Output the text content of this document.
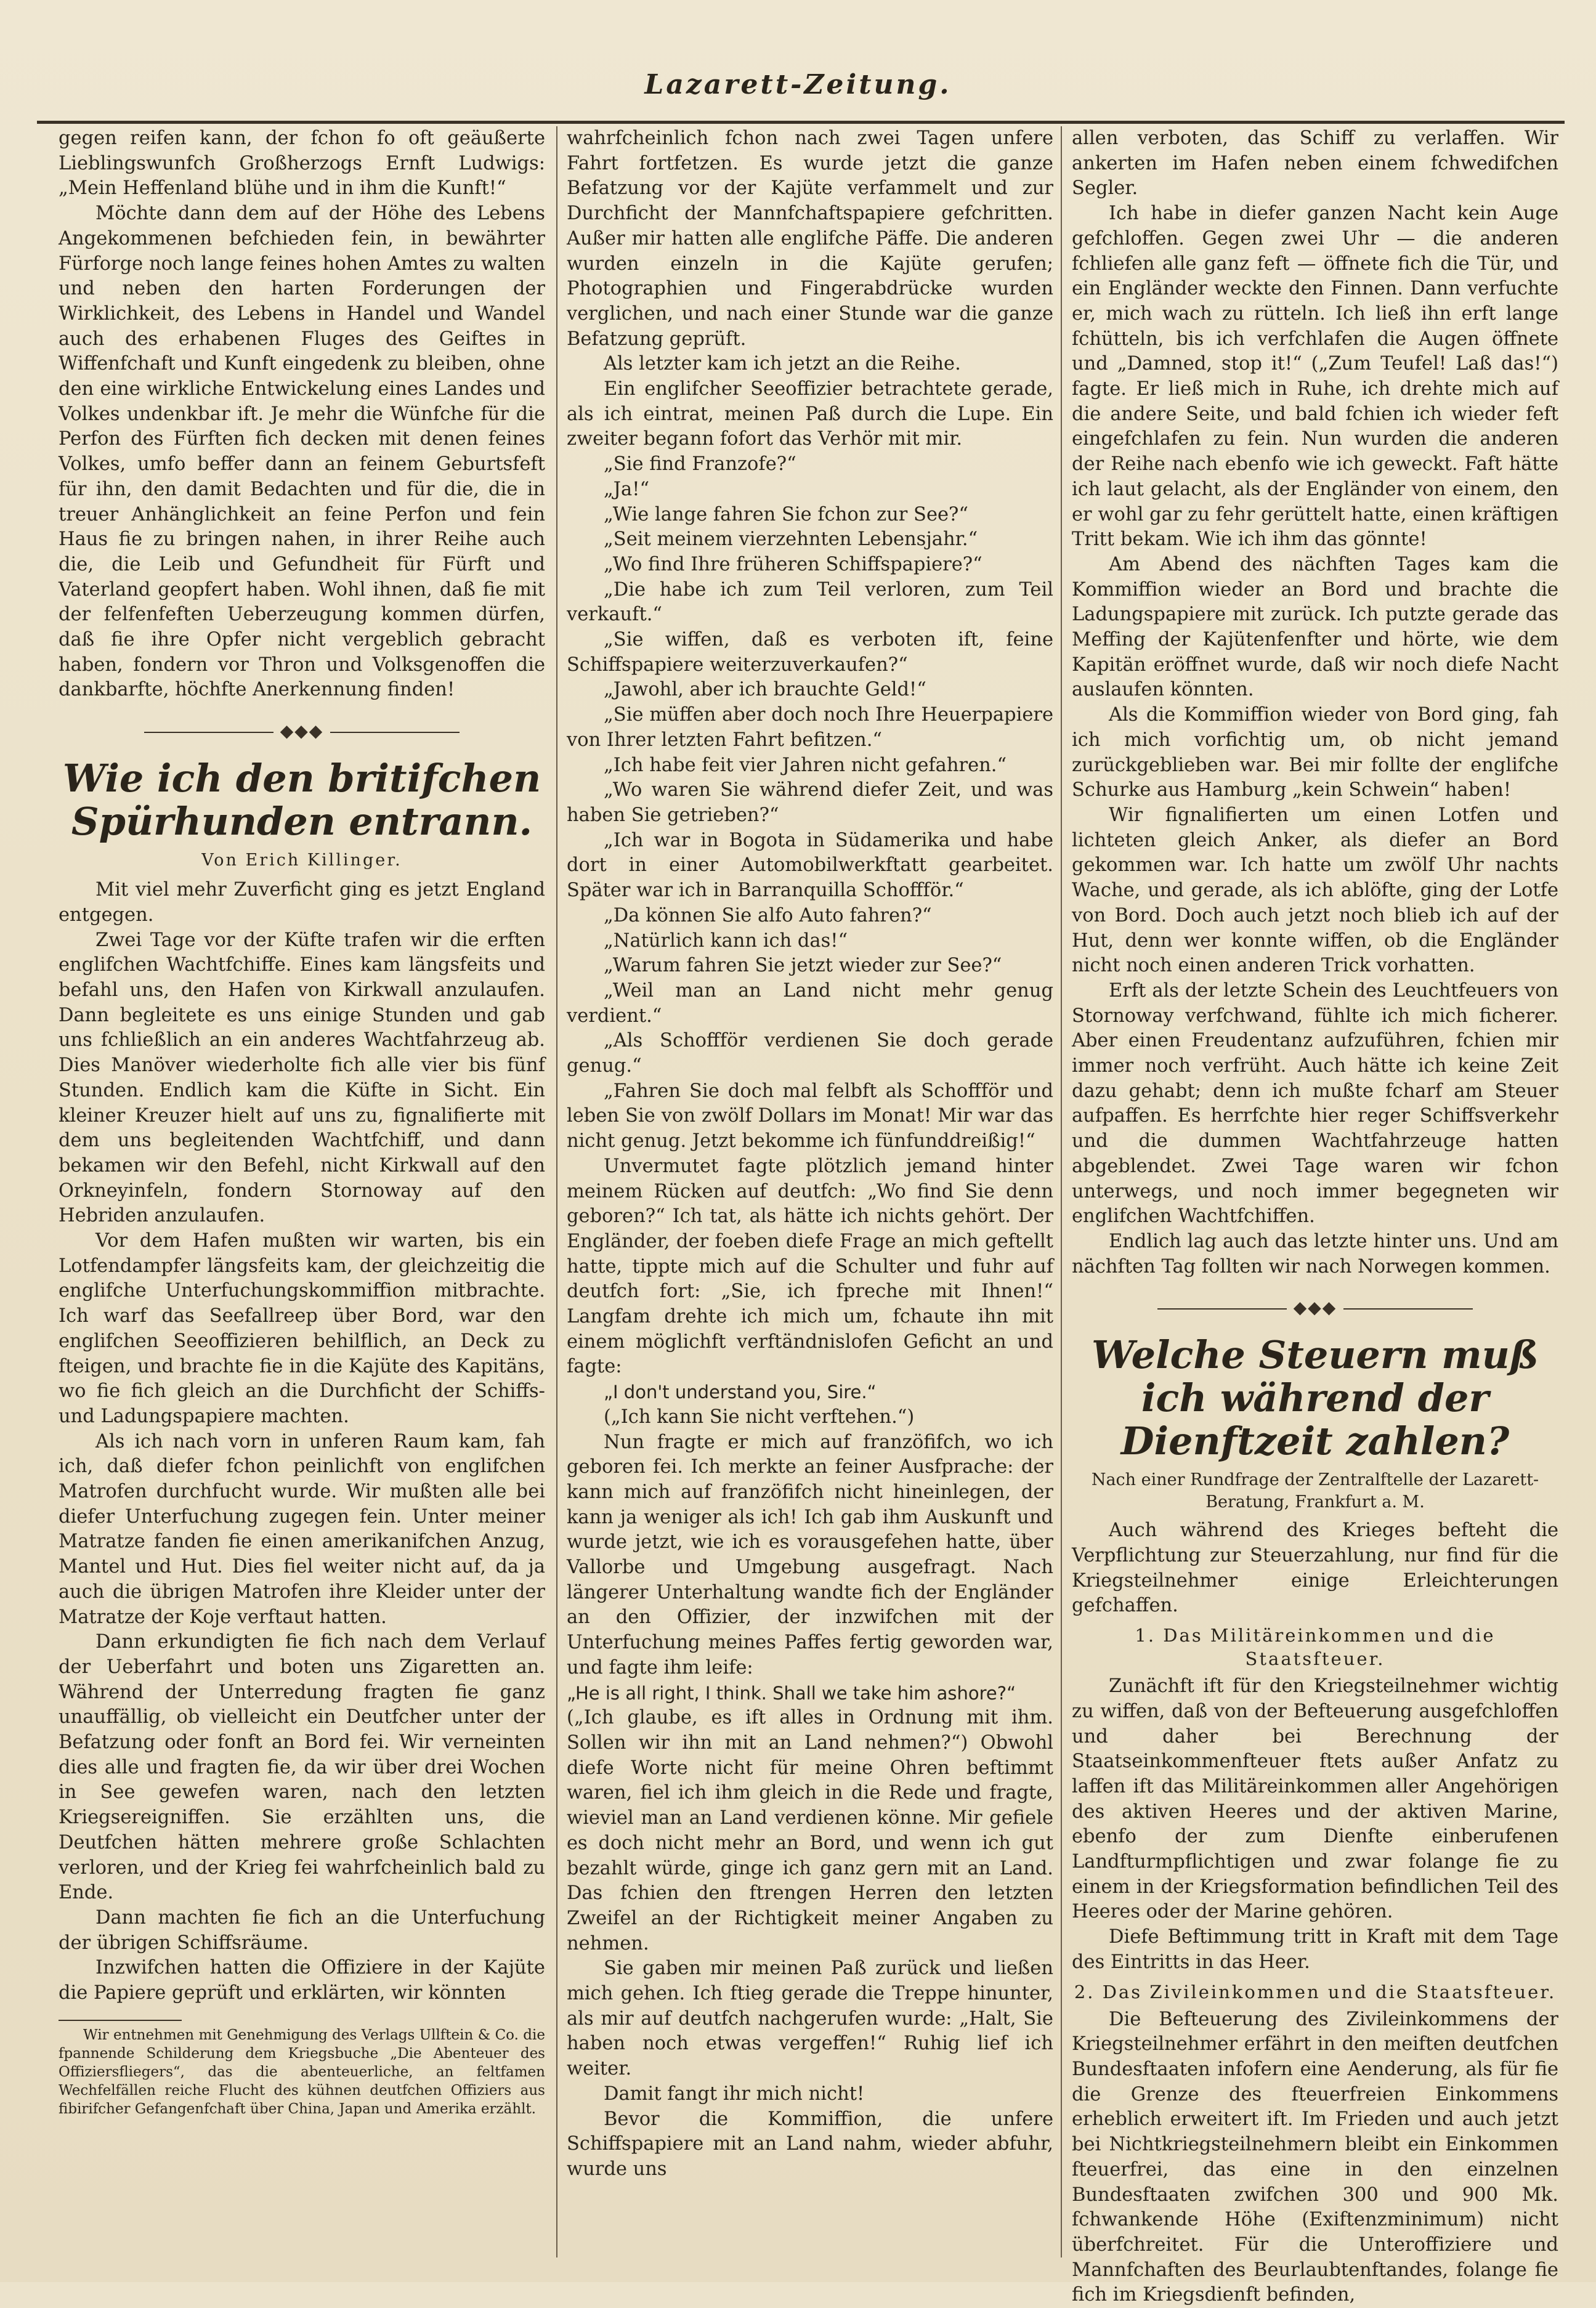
Lazarett-Zeitung.

gegen reifen kann, der fchon fo oft geäußerte Lieblingswunfch Großherzogs Ernft Ludwigs: „Mein Heffenland blühe und in ihm die Kunft!“

Möchte dann dem auf der Höhe des Lebens Angekommenen befchieden fein, in bewährter Fürforge noch lange feines hohen Amtes zu walten und neben den harten Forderungen der Wirklichkeit, des Lebens in Handel und Wandel auch des erhabenen Fluges des Geiftes in Wiffenfchaft und Kunft eingedenk zu bleiben, ohne den eine wirkliche Entwickelung eines Landes und Volkes undenkbar ift. Je mehr die Wünfche für die Perfon des Fürften fich decken mit denen feines Volkes, umfo beffer dann an feinem Geburtsfeft für ihn, den damit Bedachten und für die, die in treuer Anhänglichkeit an feine Perfon und fein Haus fie zu bringen nahen, in ihrer Reihe auch die, die Leib und Gefundheit für Fürft und Vaterland geopfert haben. Wohl ihnen, daß fie mit der felfenfeften Ueberzeugung kommen dürfen, daß fie ihre Opfer nicht vergeblich gebracht haben, fondern vor Thron und Volksgenoffen die dankbarfte, höchfte Anerkennung finden!

◆◆◆
Wie ich den britifchen Spürhunden entrann.
Von Erich Killinger.

Mit viel mehr Zuverficht ging es jetzt England entgegen.

Zwei Tage vor der Küfte trafen wir die erften englifchen Wachtfchiffe. Eines kam längsfeits und befahl uns, den Hafen von Kirkwall anzulaufen. Dann begleitete es uns einige Stunden und gab uns fchließlich an ein anderes Wachtfahrzeug ab. Dies Manöver wiederholte fich alle vier bis fünf Stunden. Endlich kam die Küfte in Sicht. Ein kleiner Kreuzer hielt auf uns zu, fignalifierte mit dem uns begleitenden Wachtfchiff, und dann bekamen wir den Befehl, nicht Kirkwall auf den Orkneyinfeln, fondern Stornoway auf den Hebriden anzulaufen.

Vor dem Hafen mußten wir warten, bis ein Lotfendampfer längsfeits kam, der gleichzeitig die englifche Unterfuchungskommiffion mitbrachte. Ich warf das Seefallreep über Bord, war den englifchen Seeoffizieren behilflich, an Deck zu fteigen, und brachte fie in die Kajüte des Kapitäns, wo fie fich gleich an die Durchficht der Schiffs- und Ladungspapiere machten.

Als ich nach vorn in unferen Raum kam, fah ich, daß diefer fchon peinlichft von englifchen Matrofen durchfucht wurde. Wir mußten alle bei diefer Unterfuchung zugegen fein. Unter meiner Matratze fanden fie einen amerikanifchen Anzug, Mantel und Hut. Dies fiel weiter nicht auf, da ja auch die übrigen Matrofen ihre Kleider unter der Matratze der Koje verftaut hatten.

Dann erkundigten fie fich nach dem Verlauf der Ueberfahrt und boten uns Zigaretten an. Während der Unterredung fragten fie ganz unauffällig, ob vielleicht ein Deutfcher unter der Befatzung oder fonft an Bord fei. Wir verneinten dies alle und fragten fie, da wir über drei Wochen in See gewefen waren, nach den letzten Kriegsereigniffen. Sie erzählten uns, die Deutfchen hätten mehrere große Schlachten verloren, und der Krieg fei wahrfcheinlich bald zu Ende.

Dann machten fie fich an die Unterfuchung der übrigen Schiffsräume.

Inzwifchen hatten die Offiziere in der Kajüte die Papiere geprüft und erklärten, wir könnten

Wir entnehmen mit Genehmigung des Verlags Ullftein & Co. die fpannende Schilderung dem Kriegsbuche „Die Abenteuer des Offiziersfliegers“, das die abenteuerliche, an feltfamen Wechfelfällen reiche Flucht des kühnen deutfchen Offiziers aus fibirifcher Gefangenfchaft über China, Japan und Amerika erzählt.

wahrfcheinlich fchon nach zwei Tagen unfere Fahrt fortfetzen. Es wurde jetzt die ganze Befatzung vor der Kajüte verfammelt und zur Durchficht der Mannfchaftspapiere gefchritten. Außer mir hatten alle englifche Päffe. Die anderen wurden einzeln in die Kajüte gerufen; Photographien und Fingerabdrücke wurden verglichen, und nach einer Stunde war die ganze Befatzung geprüft.

Als letzter kam ich jetzt an die Reihe.

Ein englifcher Seeoffizier betrachtete gerade, als ich eintrat, meinen Paß durch die Lupe. Ein zweiter begann fofort das Verhör mit mir.

„Sie find Franzofe?“

„Ja!“

„Wie lange fahren Sie fchon zur See?“

„Seit meinem vierzehnten Lebensjahr.“

„Wo find Ihre früheren Schiffspapiere?“

„Die habe ich zum Teil verloren, zum Teil verkauft.“

„Sie wiffen, daß es verboten ift, feine Schiffspapiere weiterzuverkaufen?“

„Jawohl, aber ich brauchte Geld!“

„Sie müffen aber doch noch Ihre Heuerpapiere von Ihrer letzten Fahrt befitzen.“

„Ich habe feit vier Jahren nicht gefahren.“

„Wo waren Sie während diefer Zeit, und was haben Sie getrieben?“

„Ich war in Bogota in Südamerika und habe dort in einer Automobilwerkftatt gearbeitet. Später war ich in Barranquilla Schoffför.“

„Da können Sie alfo Auto fahren?“

„Natürlich kann ich das!“

„Warum fahren Sie jetzt wieder zur See?“

„Weil man an Land nicht mehr genug verdient.“

„Als Schoffför verdienen Sie doch gerade genug.“

„Fahren Sie doch mal felbft als Schoffför und leben Sie von zwölf Dollars im Monat! Mir war das nicht genug. Jetzt bekomme ich fünfunddreißig!“

Unvermutet fagte plötzlich jemand hinter meinem Rücken auf deutfch: „Wo find Sie denn geboren?“ Ich tat, als hätte ich nichts gehört. Der Engländer, der foeben diefe Frage an mich geftellt hatte, tippte mich auf die Schulter und fuhr auf deutfch fort: „Sie, ich fpreche mit Ihnen!“ Langfam drehte ich mich um, fchaute ihn mit einem möglichft verftändnislofen Geficht an und fagte:

„I don't understand you, Sire.“

(„Ich kann Sie nicht verftehen.“)

Nun fragte er mich auf franzöfifch, wo ich geboren fei. Ich merkte an feiner Ausfprache: der kann mich auf franzöfifch nicht hineinlegen, der kann ja weniger als ich! Ich gab ihm Auskunft und wurde jetzt, wie ich es vorausgefehen hatte, über Vallorbe und Umgebung ausgefragt. Nach längerer Unterhaltung wandte fich der Engländer an den Offizier, der inzwifchen mit der Unterfuchung meines Paffes fertig geworden war, und fagte ihm leife:

„He is all right, I think. Shall we take him ashore?“

(„Ich glaube, es ift alles in Ordnung mit ihm. Sollen wir ihn mit an Land nehmen?“) Obwohl diefe Worte nicht für meine Ohren beftimmt waren, fiel ich ihm gleich in die Rede und fragte, wieviel man an Land verdienen könne. Mir gefiele es doch nicht mehr an Bord, und wenn ich gut bezahlt würde, ginge ich ganz gern mit an Land. Das fchien den ftrengen Herren den letzten Zweifel an der Richtigkeit meiner Angaben zu nehmen.

Sie gaben mir meinen Paß zurück und ließen mich gehen. Ich ftieg gerade die Treppe hinunter, als mir auf deutfch nachgerufen wurde: „Halt, Sie haben noch etwas vergeffen!“ Ruhig lief ich weiter.

Damit fangt ihr mich nicht!

Bevor die Kommiffion, die unfere Schiffspapiere mit an Land nahm, wieder abfuhr, wurde uns

allen verboten, das Schiff zu verlaffen. Wir ankerten im Hafen neben einem fchwedifchen Segler.

Ich habe in diefer ganzen Nacht kein Auge gefchloffen. Gegen zwei Uhr — die anderen fchliefen alle ganz feft — öffnete fich die Tür, und ein Engländer weckte den Finnen. Dann verfuchte er, mich wach zu rütteln. Ich ließ ihn erft lange fchütteln, bis ich verfchlafen die Augen öffnete und „Damned, stop it!“ („Zum Teufel! Laß das!“) fagte. Er ließ mich in Ruhe, ich drehte mich auf die andere Seite, und bald fchien ich wieder feft eingefchlafen zu fein. Nun wurden die anderen der Reihe nach ebenfo wie ich geweckt. Faft hätte ich laut gelacht, als der Engländer von einem, den er wohl gar zu fehr gerüttelt hatte, einen kräftigen Tritt bekam. Wie ich ihm das gönnte!

Am Abend des nächften Tages kam die Kommiffion wieder an Bord und brachte die Ladungspapiere mit zurück. Ich putzte gerade das Meffing der Kajütenfenfter und hörte, wie dem Kapitän eröffnet wurde, daß wir noch diefe Nacht auslaufen könnten.

Als die Kommiffion wieder von Bord ging, fah ich mich vorfichtig um, ob nicht jemand zurückgeblieben war. Bei mir follte der englifche Schurke aus Hamburg „kein Schwein“ haben!

Wir fignalifierten um einen Lotfen und lichteten gleich Anker, als diefer an Bord gekommen war. Ich hatte um zwölf Uhr nachts Wache, und gerade, als ich ablöfte, ging der Lotfe von Bord. Doch auch jetzt noch blieb ich auf der Hut, denn wer konnte wiffen, ob die Engländer nicht noch einen anderen Trick vorhatten.

Erft als der letzte Schein des Leuchtfeuers von Stornoway verfchwand, fühlte ich mich ficherer. Aber einen Freudentanz aufzuführen, fchien mir immer noch verfrüht. Auch hätte ich keine Zeit dazu gehabt; denn ich mußte fcharf am Steuer aufpaffen. Es herrfchte hier reger Schiffsverkehr und die dummen Wachtfahrzeuge hatten abgeblendet. Zwei Tage waren wir fchon unterwegs, und noch immer begegneten wir englifchen Wachtfchiffen.

Endlich lag auch das letzte hinter uns. Und am nächften Tag follten wir nach Norwegen kommen.

◆◆◆
Welche Steuern muß ich während der Dienftzeit zahlen?
Nach einer Rundfrage der Zentralftelle der Lazarett-Beratung, Frankfurt a. M.

Auch während des Krieges befteht die Verpflichtung zur Steuerzahlung, nur find für die Kriegsteilnehmer einige Erleichterungen gefchaffen.

1. Das Militäreinkommen und die Staatsfteuer.

Zunächft ift für den Kriegsteilnehmer wichtig zu wiffen, daß von der Befteuerung ausgefchloffen und daher bei Berechnung der Staatseinkommenfteuer ftets außer Anfatz zu laffen ift das Militäreinkommen aller Angehörigen des aktiven Heeres und der aktiven Marine, ebenfo der zum Dienfte einberufenen Landfturmpflichtigen und zwar folange fie zu einem in der Kriegsformation befindlichen Teil des Heeres oder der Marine gehören.

Diefe Beftimmung tritt in Kraft mit dem Tage des Eintritts in das Heer.

2. Das Zivileinkommen und die Staatsfteuer.

Die Befteuerung des Zivileinkommens der Kriegsteilnehmer erfährt in den meiften deutfchen Bundesftaaten infofern eine Aenderung, als für fie die Grenze des fteuerfreien Einkommens erheblich erweitert ift. Im Frieden und auch jetzt bei Nichtkriegsteilnehmern bleibt ein Einkommen fteuerfrei, das eine in den einzelnen Bundesftaaten zwifchen 300 und 900 Mk. fchwankende Höhe (Exiftenzminimum) nicht überfchreitet. Für die Unteroffiziere und Mannfchaften des Beurlaubtenftandes, folange fie fich im Kriegsdienft befinden,
